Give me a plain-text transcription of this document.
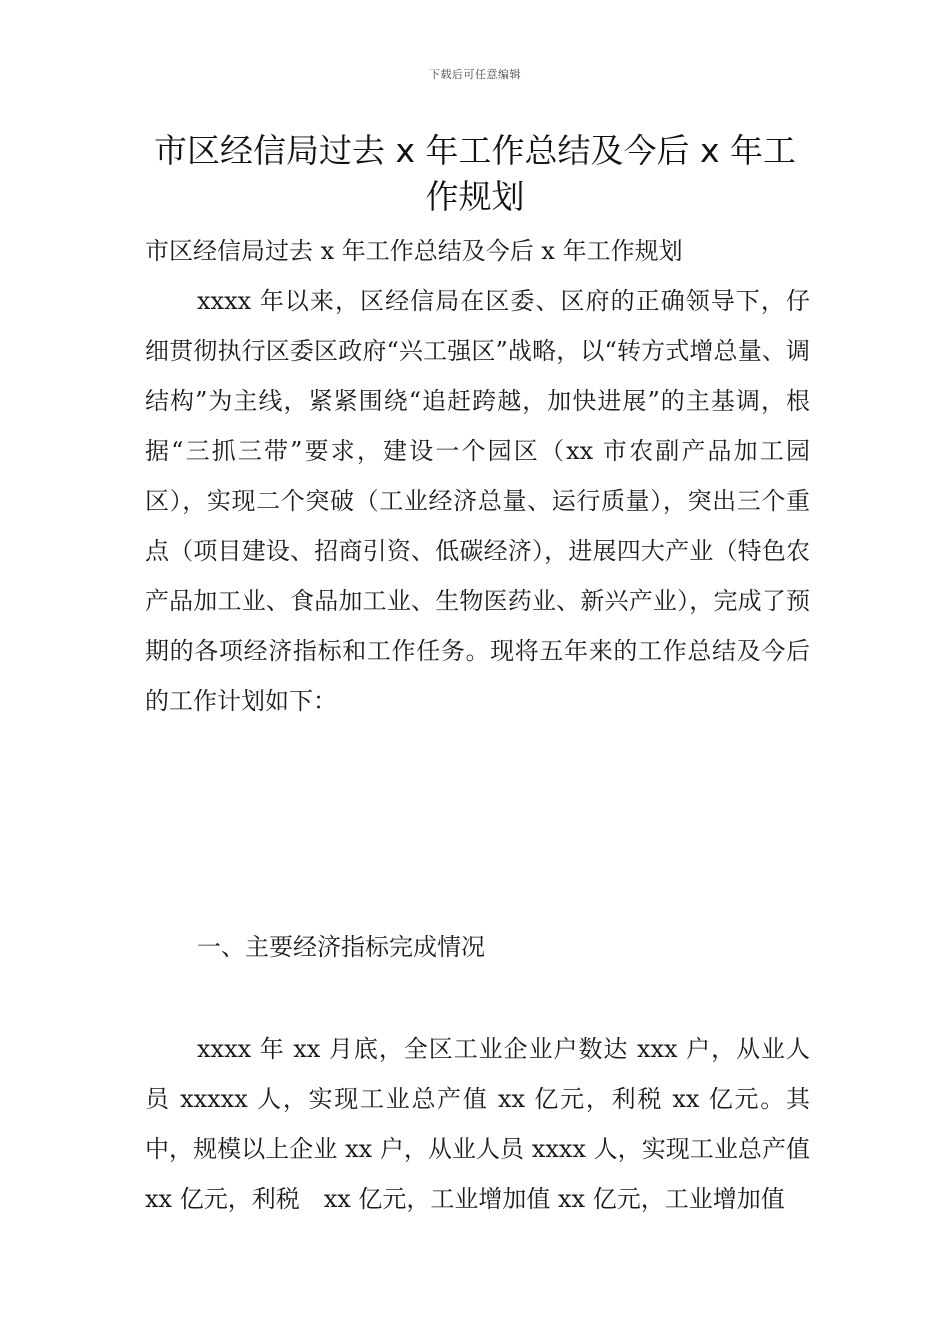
下载后可任意编辑
市区经信局过去 x 年工作总结及今后 x 年工作规划
市区经信局过去 x 年工作总结及今后 x 年工作规划
xxxx 年以来，区经信局在区委、区府的正确领导下，仔细贯彻执行区委区政府“兴工强区”战略，以“转方式增总量、调结构”为主线，紧紧围绕“追赶跨越，加快进展”的主基调，根据“三抓三带”要求，建设一个园区（xx 市农副产品加工园区），实现二个突破（工业经济总量、运行质量），突出三个重点（项目建设、招商引资、低碳经济），进展四大产业（特色农产品加工业、食品加工业、生物医药业、新兴产业），完成了预期的各项经济指标和工作任务。现将五年来的工作总结及今后的工作计划如下：
一、主要经济指标完成情况
xxxx 年 xx 月底，全区工业企业户数达 xxx 户，从业人员 xxxxx 人，实现工业总产值 xx 亿元，利税 xx 亿元。其中，规模以上企业 xx 户，从业人员 xxxx 人，实现工业总产值 xx 亿元，利税　xx 亿元，工业增加值 xx 亿元，工业增加值
